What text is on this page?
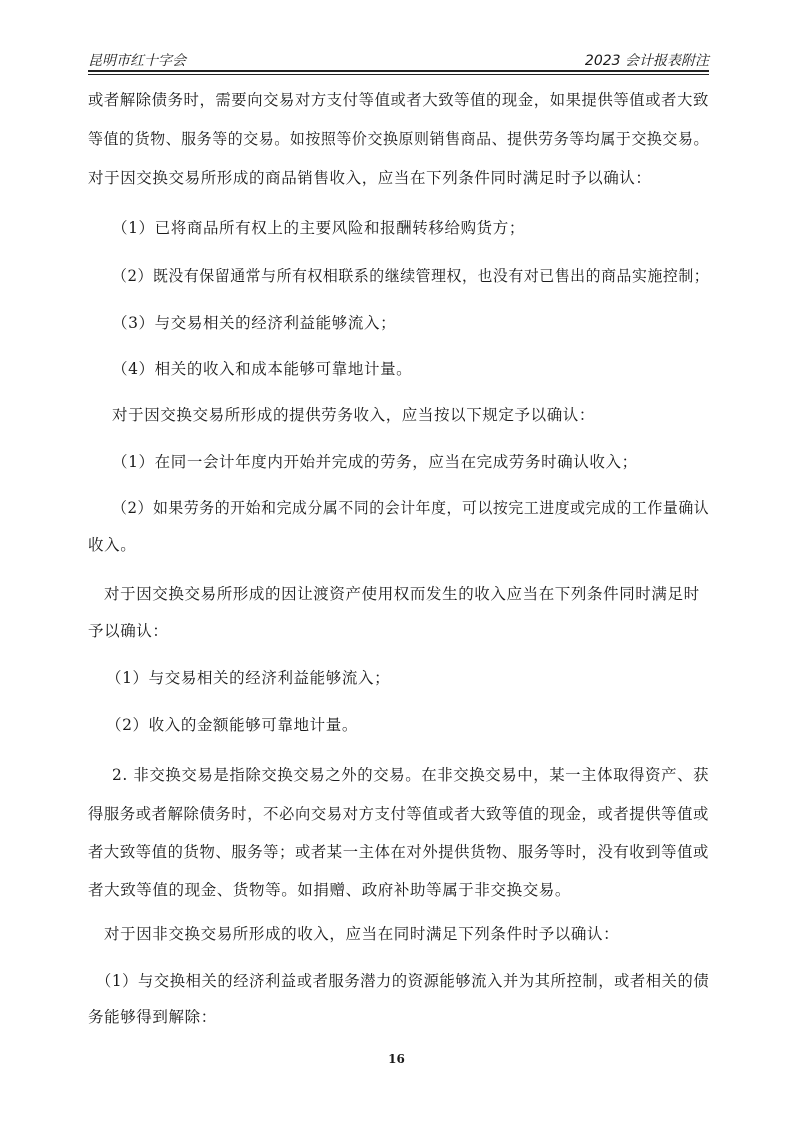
昆明市红十字会	2023 会计报表附注
或者解除债务时，需要向交易对方支付等值或者大致等值的现金，如果提供等值或者大致
等值的货物、服务等的交易。如按照等价交换原则销售商品、提供劳务等均属于交换交易。
对于因交换交易所形成的商品销售收入，应当在下列条件同时满足时予以确认：
（1）已将商品所有权上的主要风险和报酬转移给购货方；
（2）既没有保留通常与所有权相联系的继续管理权，也没有对已售出的商品实施控制；
（3）与交易相关的经济利益能够流入；
（4）相关的收入和成本能够可靠地计量。
对于因交换交易所形成的提供劳务收入，应当按以下规定予以确认：
（1）在同一会计年度内开始并完成的劳务，应当在完成劳务时确认收入；
（2）如果劳务的开始和完成分属不同的会计年度，可以按完工进度或完成的工作量确认
收入。
对于因交换交易所形成的因让渡资产使用权而发生的收入应当在下列条件同时满足时
予以确认：
（1）与交易相关的经济利益能够流入；
（2）收入的金额能够可靠地计量。
2. 非交换交易是指除交换交易之外的交易。在非交换交易中，某一主体取得资产、获
得服务或者解除债务时，不必向交易对方支付等值或者大致等值的现金，或者提供等值或
者大致等值的货物、服务等；或者某一主体在对外提供货物、服务等时，没有收到等值或
者大致等值的现金、货物等。如捐赠、政府补助等属于非交换交易。
对于因非交换交易所形成的收入，应当在同时满足下列条件时予以确认：
（1）与交换相关的经济利益或者服务潜力的资源能够流入并为其所控制，或者相关的债
务能够得到解除：
16
